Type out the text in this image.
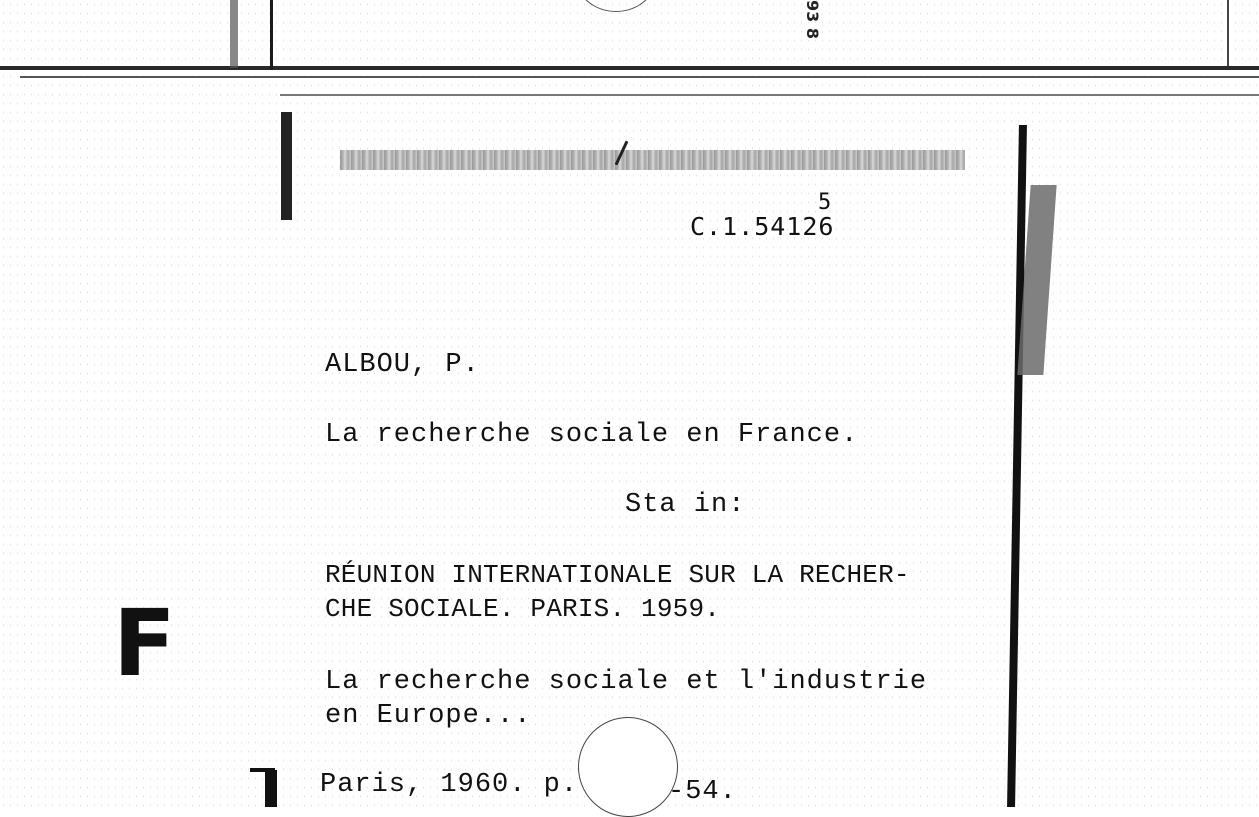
93 8
C.1.54126
5
ALBOU, P.
La recherche sociale en France.
Sta in:
RÉUNION INTERNATIONALE SUR LA RECHER-
CHE SOCIALE. PARIS. 1959.
La recherche sociale et l'industrie
en Europe...
Paris, 1960. p.	-54.
F
